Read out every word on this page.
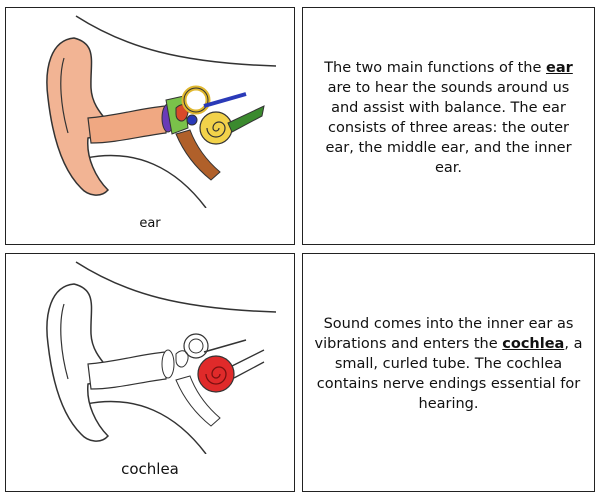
ear
The two main functions of the ear are to hear the sounds around us and assist with balance. The ear consists of three areas: the outer ear, the middle ear, and the inner ear.
cochlea
Sound comes into the inner ear as vibrations and enters the cochlea, a small, curled tube. The cochlea contains nerve endings essential for hearing.
